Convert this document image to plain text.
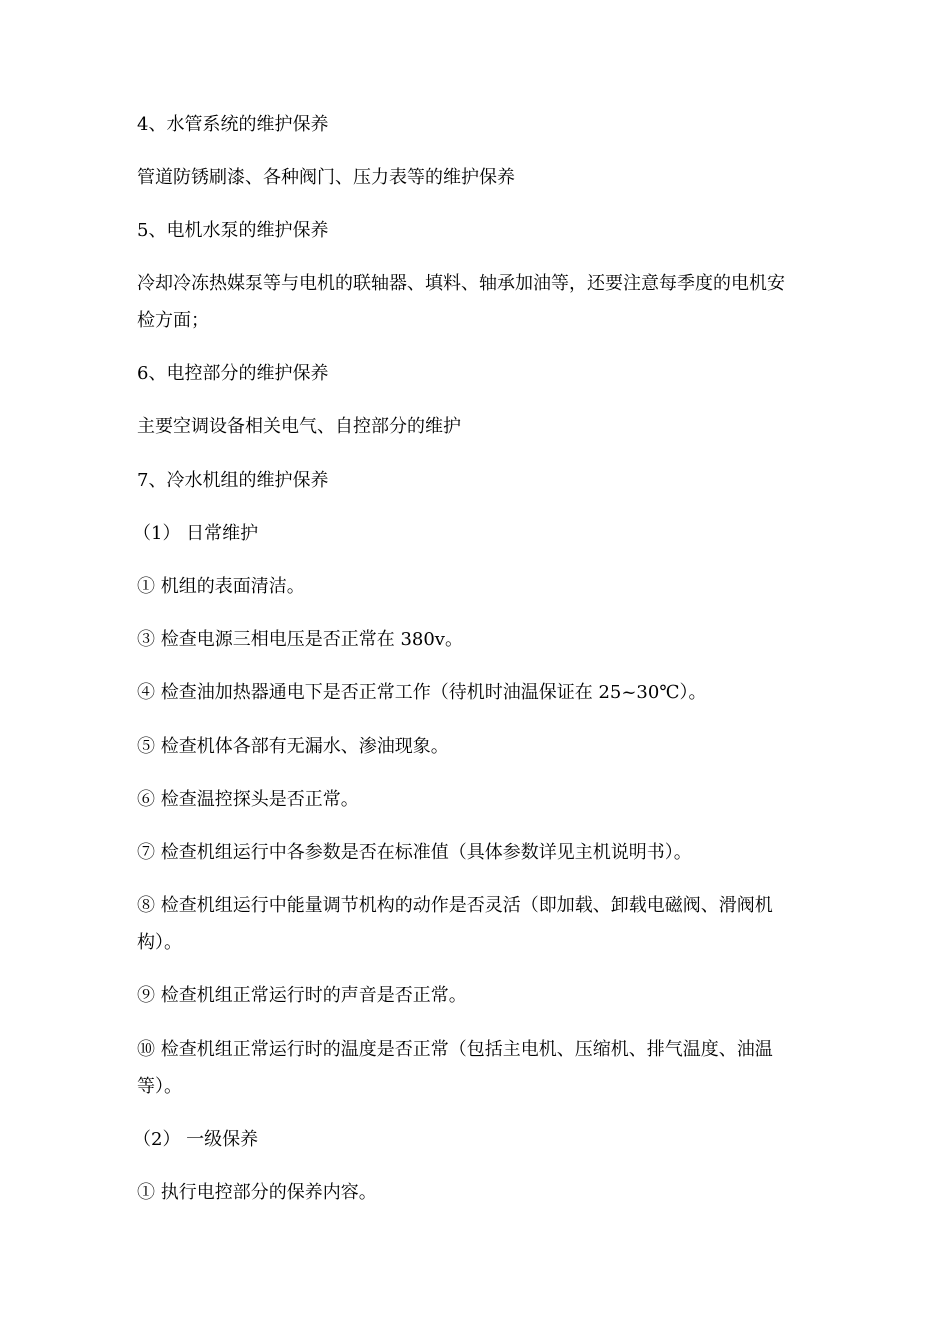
4、水管系统的维护保养

管道防锈刷漆、各种阀门、压力表等的维护保养

5、电机水泵的维护保养

冷却冷冻热媒泵等与电机的联轴器、填料、轴承加油等，还要注意每季度的电机安

检方面；

6、电控部分的维护保养

主要空调设备相关电气、自控部分的维护

7、冷水机组的维护保养

（1） 日常维护

① 机组的表面清洁。

③ 检查电源三相电压是否正常在 380v。

④ 检查油加热器通电下是否正常工作（待机时油温保证在 25~30℃）。

⑤ 检查机体各部有无漏水、渗油现象。

⑥ 检查温控探头是否正常。

⑦ 检查机组运行中各参数是否在标准值（具体参数详见主机说明书）。

⑧ 检查机组运行中能量调节机构的动作是否灵活（即加载、卸载电磁阀、滑阀机

构）。

⑨ 检查机组正常运行时的声音是否正常。

⑩ 检查机组正常运行时的温度是否正常（包括主电机、压缩机、排气温度、油温

等）。

（2） 一级保养

① 执行电控部分的保养内容。
